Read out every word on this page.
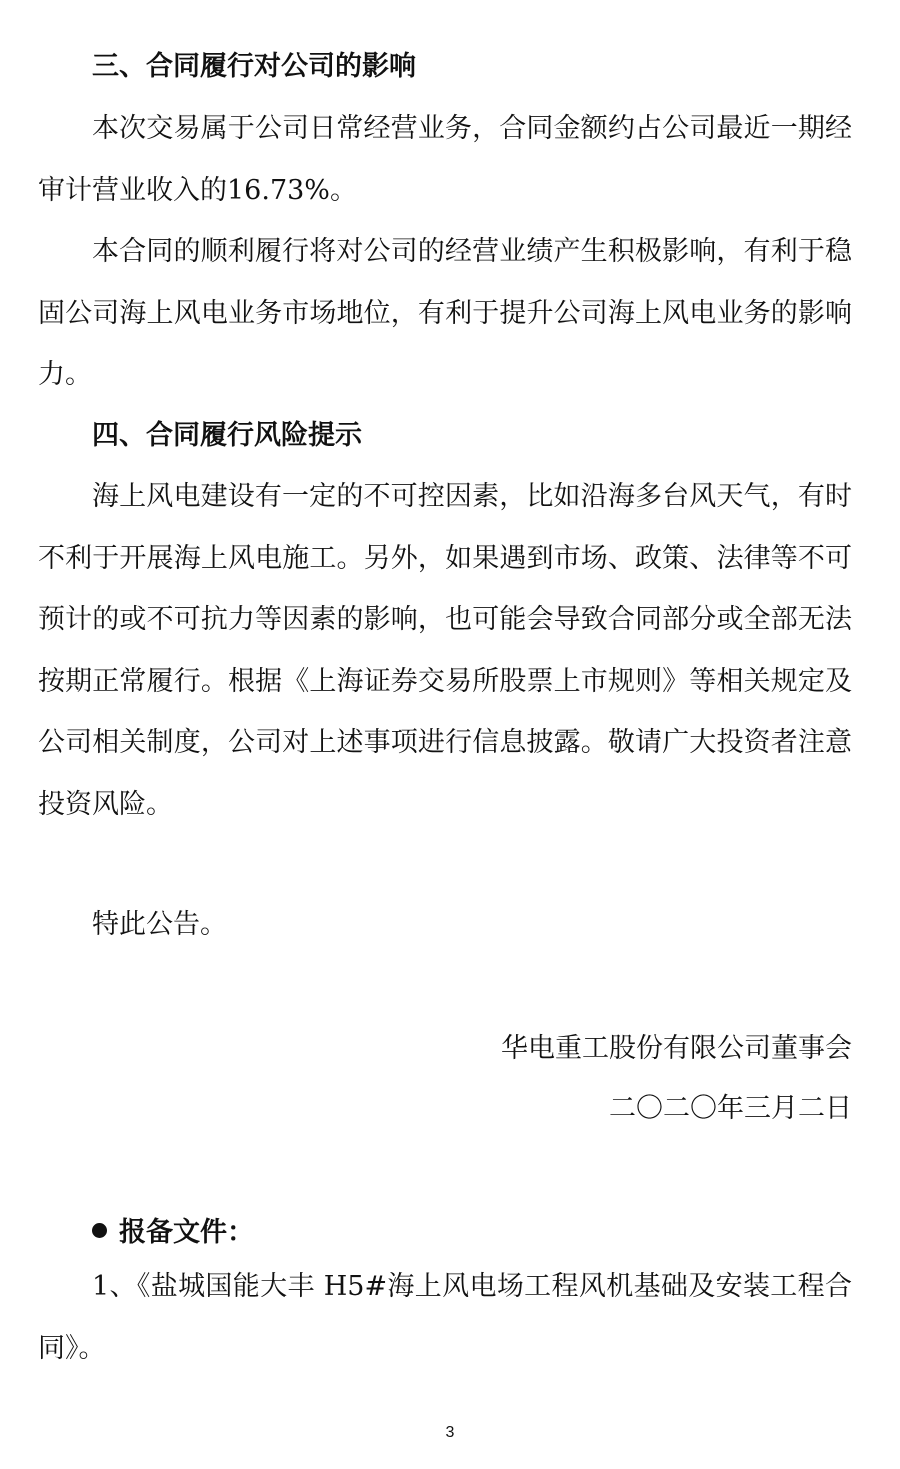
三、合同履行对公司的影响

本次交易属于公司日常经营业务，合同金额约占公司最近一期经审计营业收入的16.73%。

本合同的顺利履行将对公司的经营业绩产生积极影响，有利于稳固公司海上风电业务市场地位，有利于提升公司海上风电业务的影响力。

四、合同履行风险提示

海上风电建设有一定的不可控因素，比如沿海多台风天气，有时不利于开展海上风电施工。另外，如果遇到市场、政策、法律等不可预计的或不可抗力等因素的影响，也可能会导致合同部分或全部无法按期正常履行。根据《上海证券交易所股票上市规则》等相关规定及公司相关制度，公司对上述事项进行信息披露。敬请广大投资者注意投资风险。

特此公告。
华电重工股份有限公司董事会
二〇二〇年三月二日
报备文件：

1、《盐城国能大丰 H5#海上风电场工程风机基础及安装工程合同》。

3
